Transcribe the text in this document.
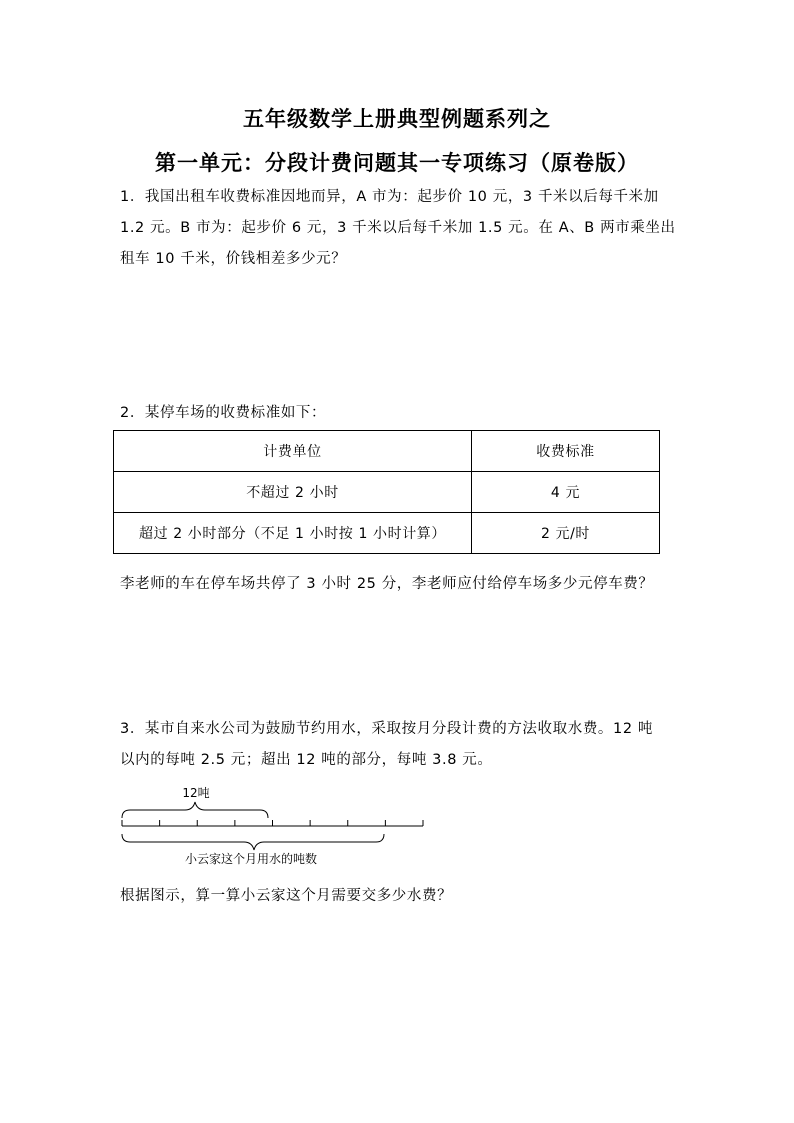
五年级数学上册典型例题系列之
第一单元：分段计费问题其一专项练习（原卷版）
1．我国出租车收费标准因地而异，A 市为：起步价 10 元，3 千米以后每千米加
1.2 元。B 市为：起步价 6 元，3 千米以后每千米加 1.5 元。在 A、B 两市乘坐出
租车 10 千米，价钱相差多少元？
2．某停车场的收费标准如下：
计费单位	收费标准
不超过 2 小时	4 元
超过 2 小时部分（不足 1 小时按 1 小时计算）	2 元/时
李老师的车在停车场共停了 3 小时 25 分，李老师应付给停车场多少元停车费？
3．某市自来水公司为鼓励节约用水，采取按月分段计费的方法收取水费。12 吨
以内的每吨 2.5 元；超出 12 吨的部分，每吨 3.8 元。
12吨
小云家这个月用水的吨数
根据图示，算一算小云家这个月需要交多少水费？
